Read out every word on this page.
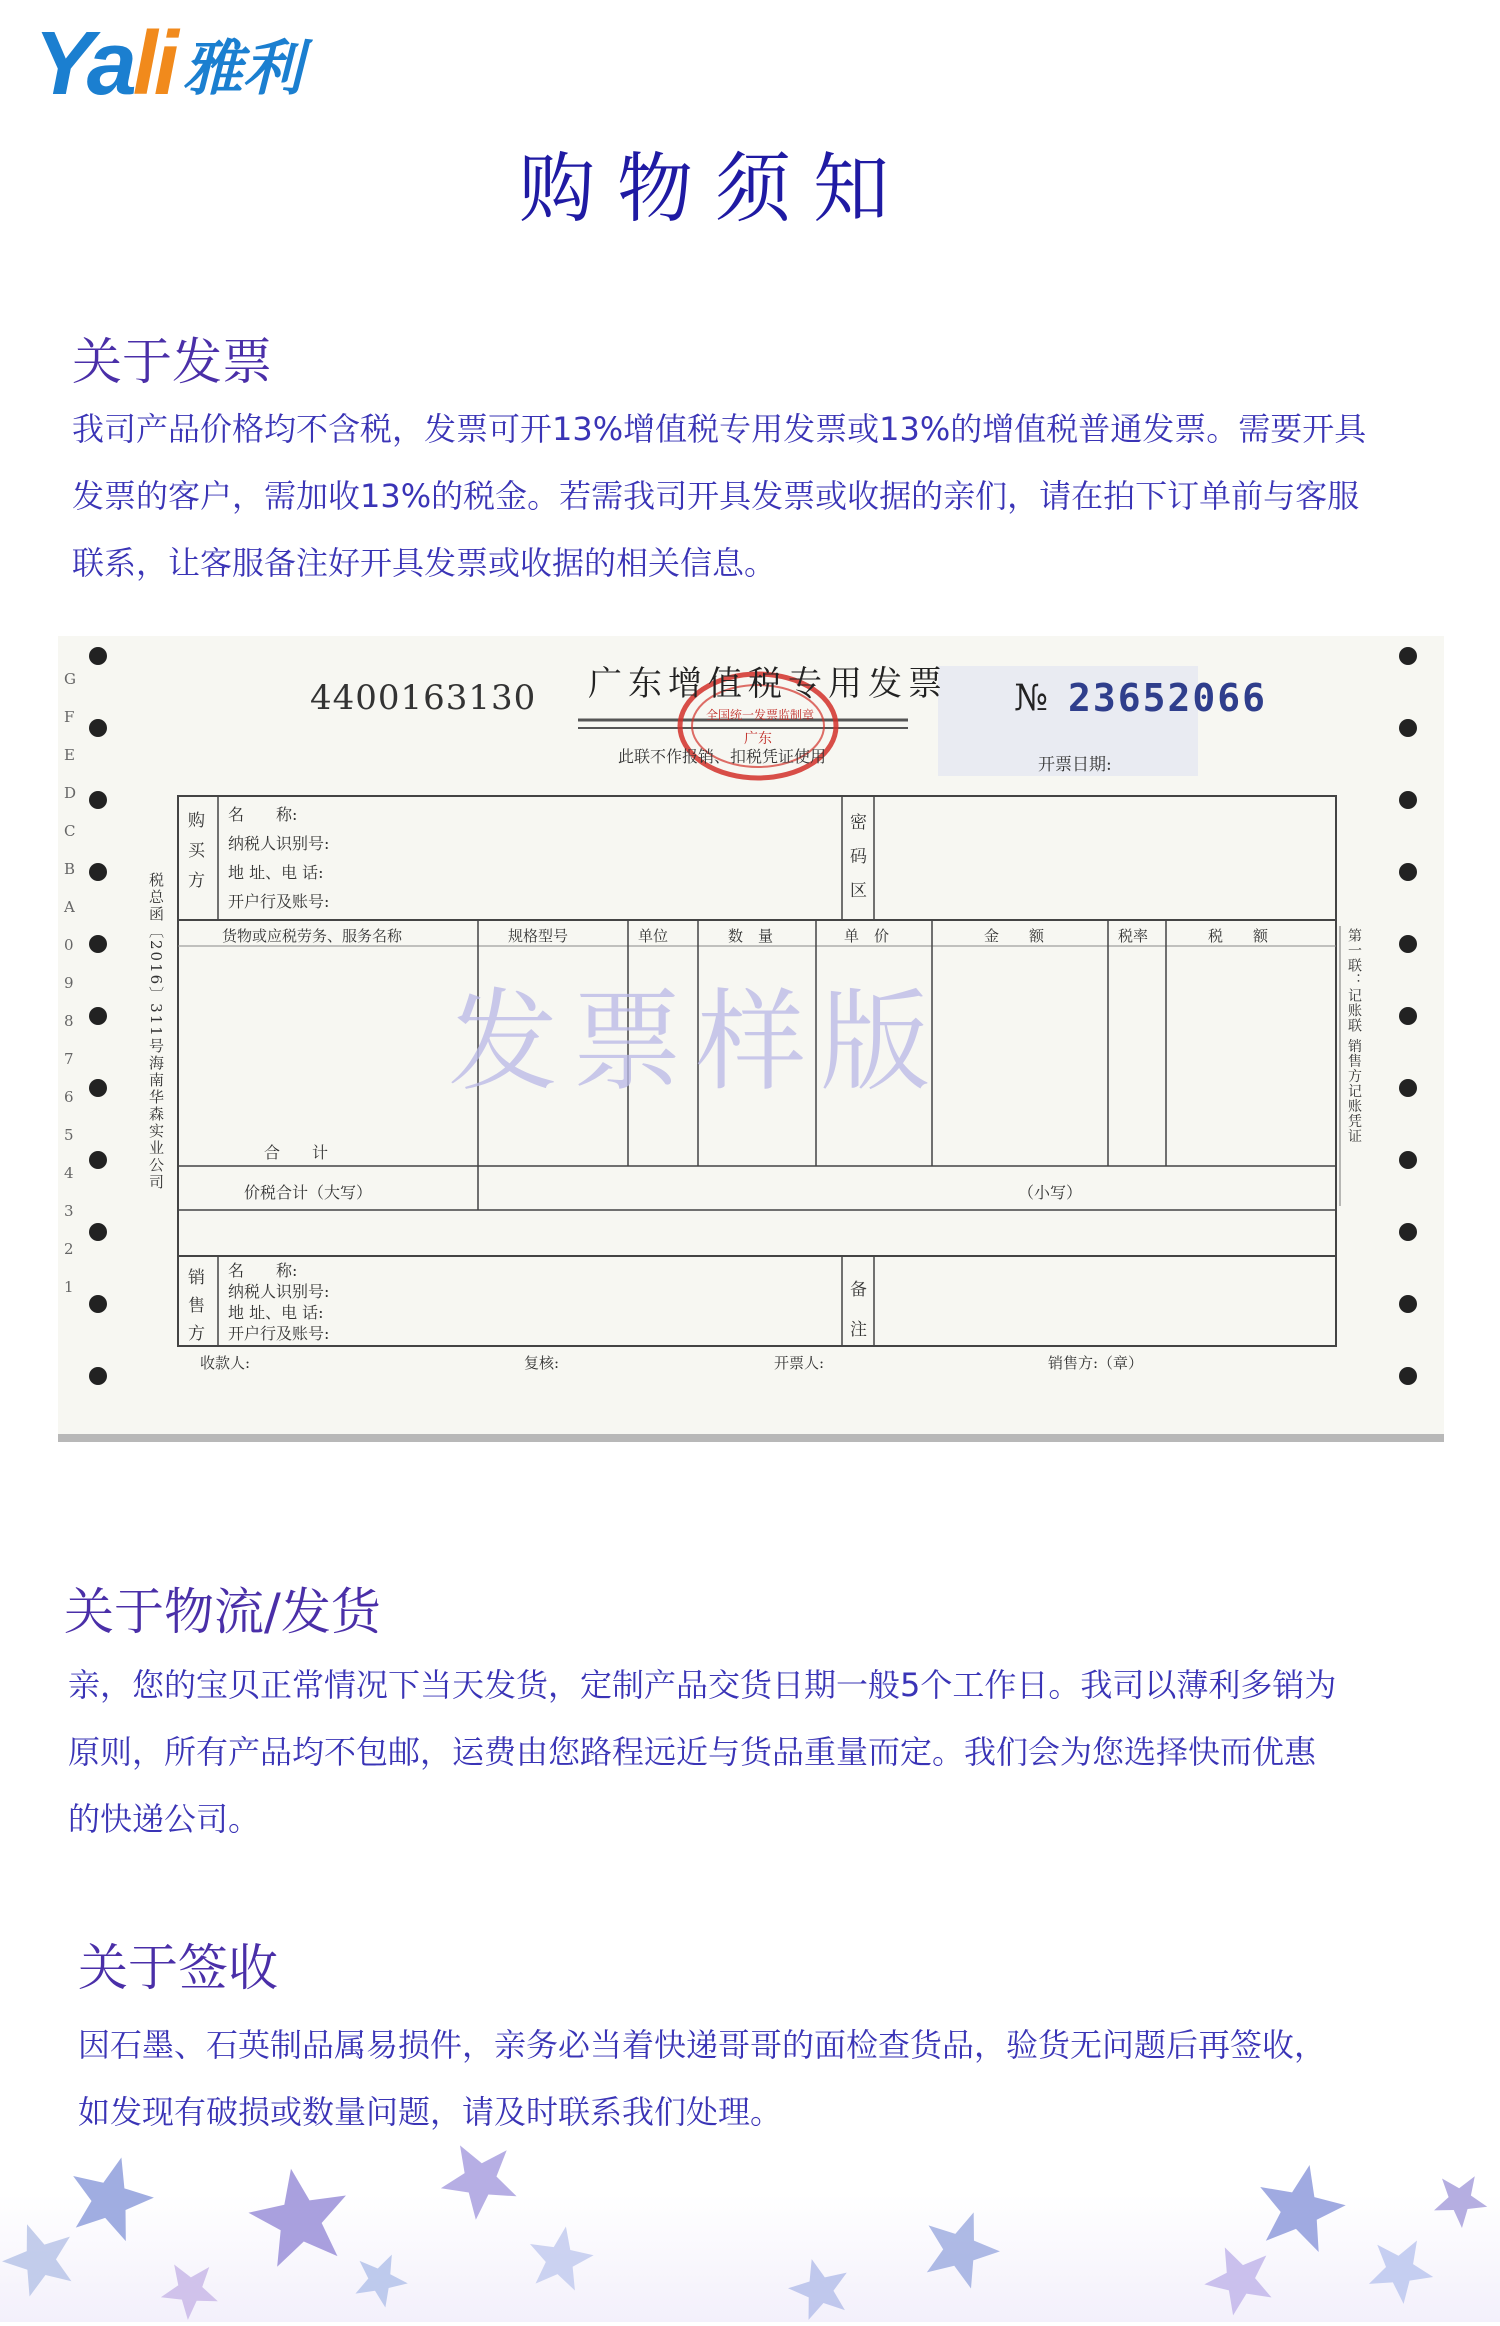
Yali 雅利
购物须知
关于发票

我司产品价格均不含税，发票可开13%增值税专用发票或13%的增值税普通发票。需要开具

发票的客户，需加收13%的税金。若需我司开具发票或收据的亲们，请在拍下订单前与客服

联系，让客服备注好开具发票或收据的相关信息。

4400163130 广东增值税专用发票
全国统一发票监制章
广东
№ 23652066
此联不作报销、扣税凭证使用	开票日期:
购
买
方
名　　称:
纳税人识别号:
地 址、电 话:
开户行及账号:
密
码
区
货物或应税劳务、服务名称	规格型号	单位	数　量	单　价	金　　额	税率	税　　额
发票样版
合　　计
价税合计（大写）	（小写）
销
售
方
名　　称:
纳税人识别号:
地 址、电 话:
开户行及账号:
备
注
收款人:	复核:	开票人:	销售方:（章）
税总函〔2016〕311号海南华森实业公司	第一联：记账联 销售方记账凭证
G
F
E
D
C
B
A
0
9
8
7
6
5
4
3
2
1
关于物流/发货

亲，您的宝贝正常情况下当天发货，定制产品交货日期一般5个工作日。我司以薄利多销为

原则，所有产品均不包邮，运费由您路程远近与货品重量而定。我们会为您选择快而优惠

的快递公司。

关于签收

因石墨、石英制品属易损件，亲务必当着快递哥哥的面检查货品，验货无问题后再签收，

如发现有破损或数量问题，请及时联系我们处理。
